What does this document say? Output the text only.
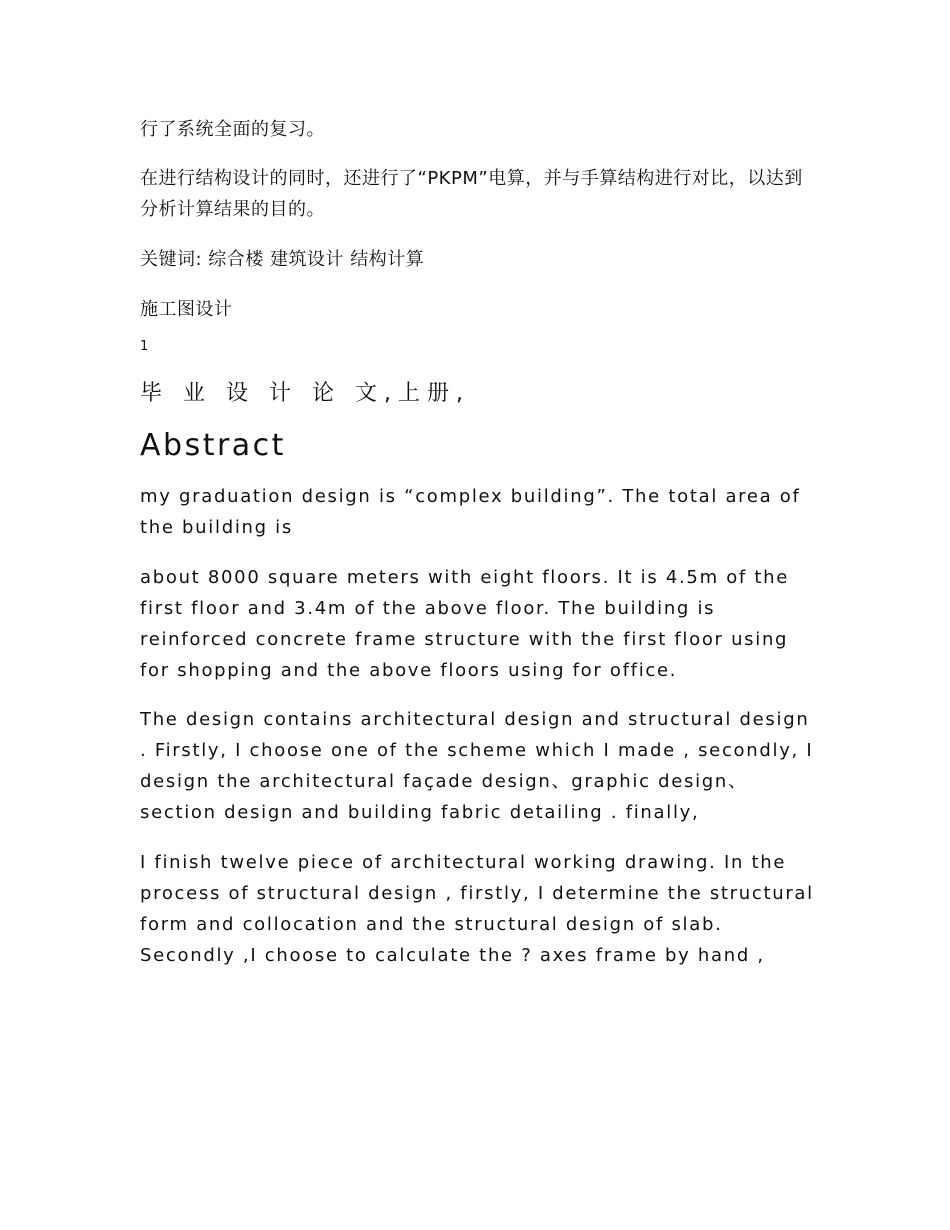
行了系统全面的复习。

在进行结构设计的同时，还进行了“PKPM”电算，并与手算结构进行对比，以达到分析计算结果的目的。

关键词: 综合楼 建筑设计 结构计算

施工图设计

1

毕 业 设 计 论 文,上册,

Abstract

my graduation design is “complex building”. The total area of the building is

about 8000 square meters with eight floors. It is 4.5m of the first floor and 3.4m of the above floor. The building is reinforced concrete frame structure with the first floor using for shopping and the above floors using for office.

The design contains architectural design and structural design . Firstly, I choose one of the scheme which I made , secondly, I design the architectural façade design、graphic design、section design and building fabric detailing . finally,

I finish twelve piece of architectural working drawing. In the process of structural design , firstly, I determine the structural form and collocation and the structural design of slab. Secondly ,I choose to calculate the ? axes frame by hand ,
